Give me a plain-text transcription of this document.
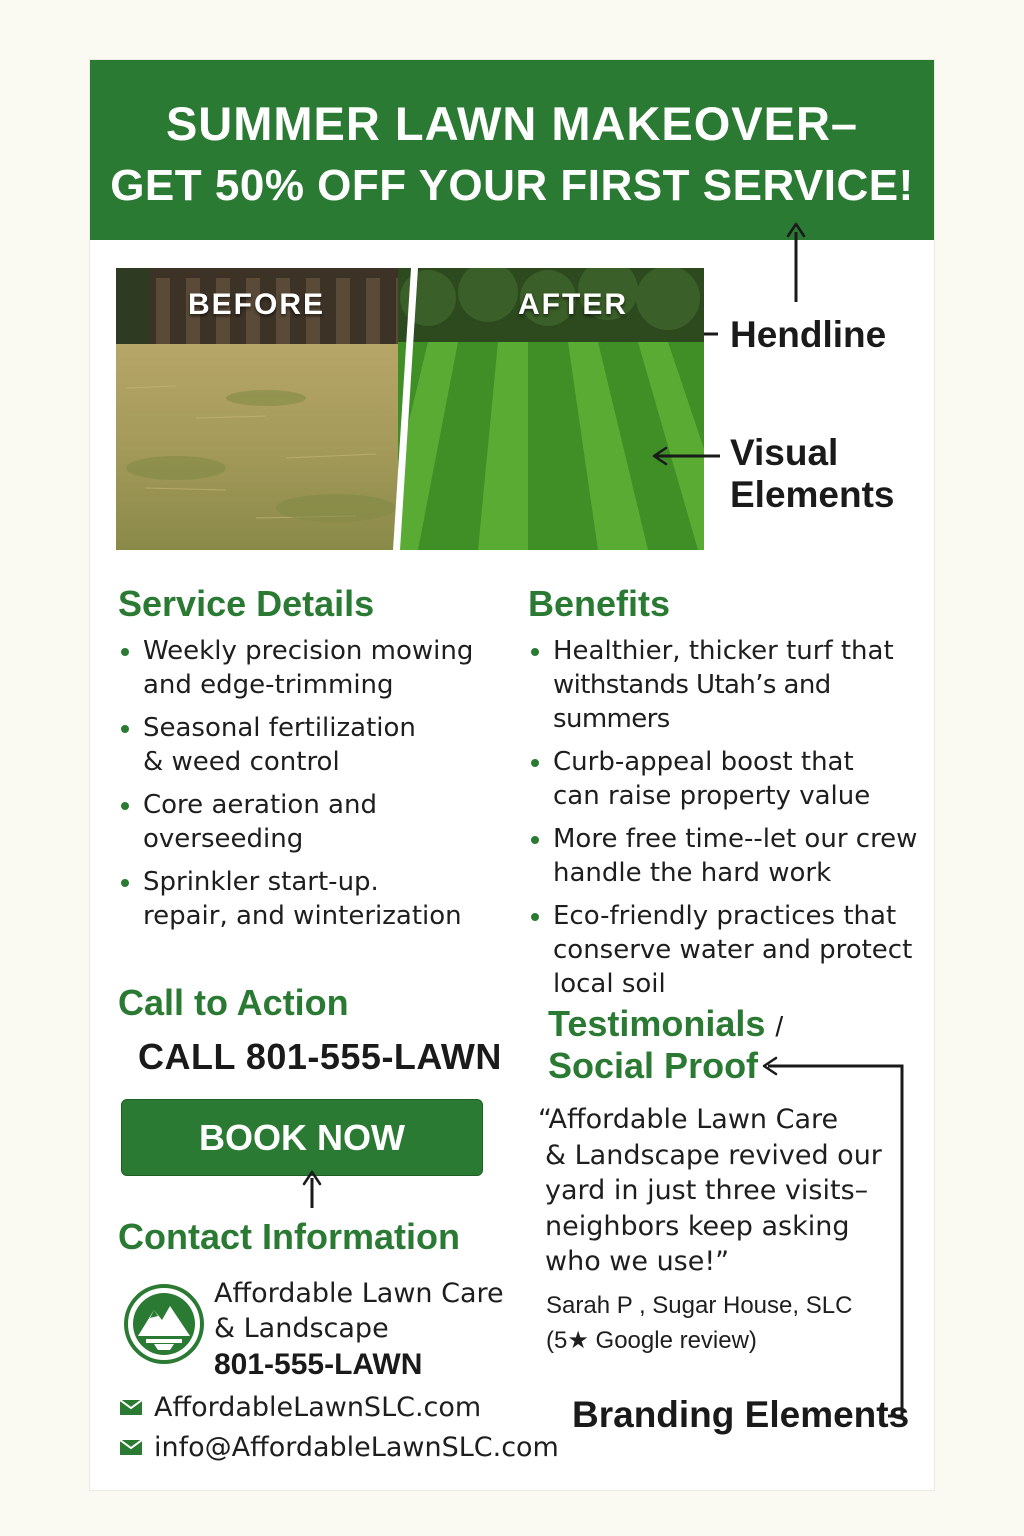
SUMMER LAWN MAKEOVER–
GET 50% OFF YOUR FIRST SERVICE!
BEFORE	AFTER
Hendline
Visual
Elements
Branding Elements
Service Details
Weekly precision mowing
and edge-trimming
Seasonal fertilization
& weed control
Core aeration and
overseeding
Sprinkler start-up.
repair, and winterization
Benefits
Healthier, thicker turf that
withstands Utah’s and summers
Curb-appeal boost that
can raise property value
More free time--let our crew
handle the hard work
Eco-friendly practices that
conserve water and protect
local soil
Call to Action
CALL 801-555-LAWN
BOOK NOW
Contact Information
Affordable Lawn Care
& Landscape
801-555-LAWN
AffordableLawnSLC.com
info@AffordableLawnSLC.com
Testimonials /
Social Proof
“Affordable Lawn Care
& Landscape revived our
yard in just three visits–
neighbors keep asking
who we use!”
Sarah P , Sugar House, SLC
(5★ Google review)
